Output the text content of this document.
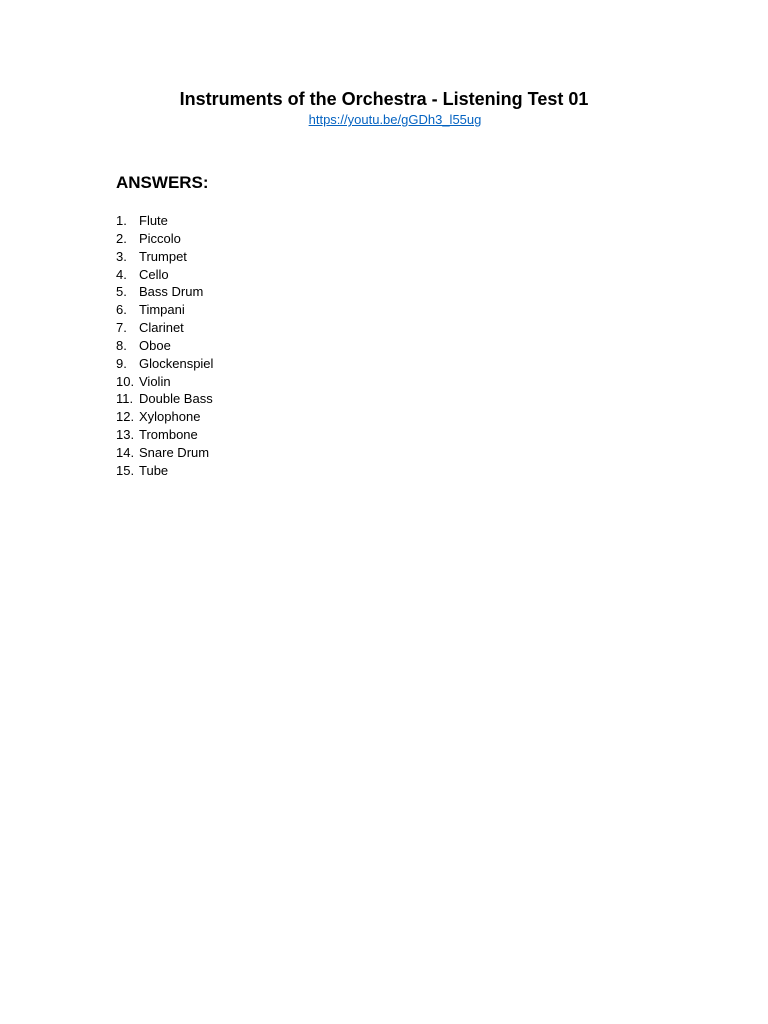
Instruments of the Orchestra - Listening Test 01
https://youtu.be/gGDh3_l55ug
ANSWERS:
1. Flute
2. Piccolo
3. Trumpet
4. Cello
5. Bass Drum
6. Timpani
7. Clarinet
8. Oboe
9. Glockenspiel
10. Violin
11. Double Bass
12. Xylophone
13. Trombone
14. Snare Drum
15. Tube
